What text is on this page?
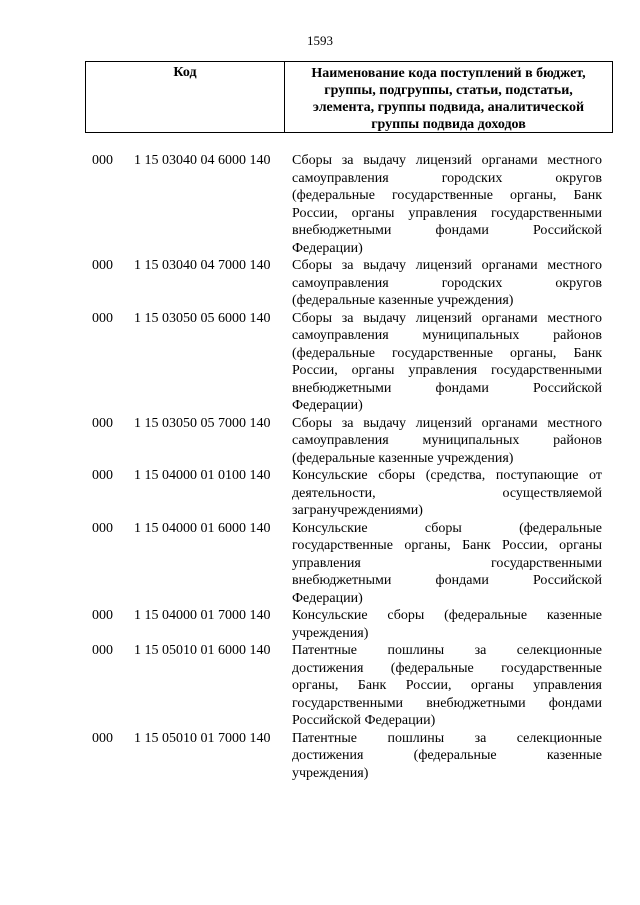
1593
Код	Наименование кода поступлений в бюджет,
группы, подгруппы, статьи, подстатьи,
элемента, группы подвида, аналитической
группы подвида доходов
000	1 15 03040 04 6000 140	Сборы за выдачу лицензий органами местного
самоуправления городских округов
(федеральные государственные органы, Банк
России, органы управления государственными
внебюджетными фондами Российской
Федерации)
000	1 15 03040 04 7000 140	Сборы за выдачу лицензий органами местного
самоуправления городских округов
(федеральные казенные учреждения)
000	1 15 03050 05 6000 140	Сборы за выдачу лицензий органами местного
самоуправления муниципальных районов
(федеральные государственные органы, Банк
России, органы управления государственными
внебюджетными фондами Российской
Федерации)
000	1 15 03050 05 7000 140	Сборы за выдачу лицензий органами местного
самоуправления муниципальных районов
(федеральные казенные учреждения)
000	1 15 04000 01 0100 140	Консульские сборы (средства, поступающие от
деятельности, осуществляемой
загранучреждениями)
000	1 15 04000 01 6000 140	Консульские сборы (федеральные
государственные органы, Банк России, органы
управления государственными
внебюджетными фондами Российской
Федерации)
000	1 15 04000 01 7000 140	Консульские сборы (федеральные казенные
учреждения)
000	1 15 05010 01 6000 140	Патентные пошлины за селекционные
достижения (федеральные государственные
органы, Банк России, органы управления
государственными внебюджетными фондами
Российской Федерации)
000	1 15 05010 01 7000 140	Патентные пошлины за селекционные
достижения (федеральные казенные
учреждения)
